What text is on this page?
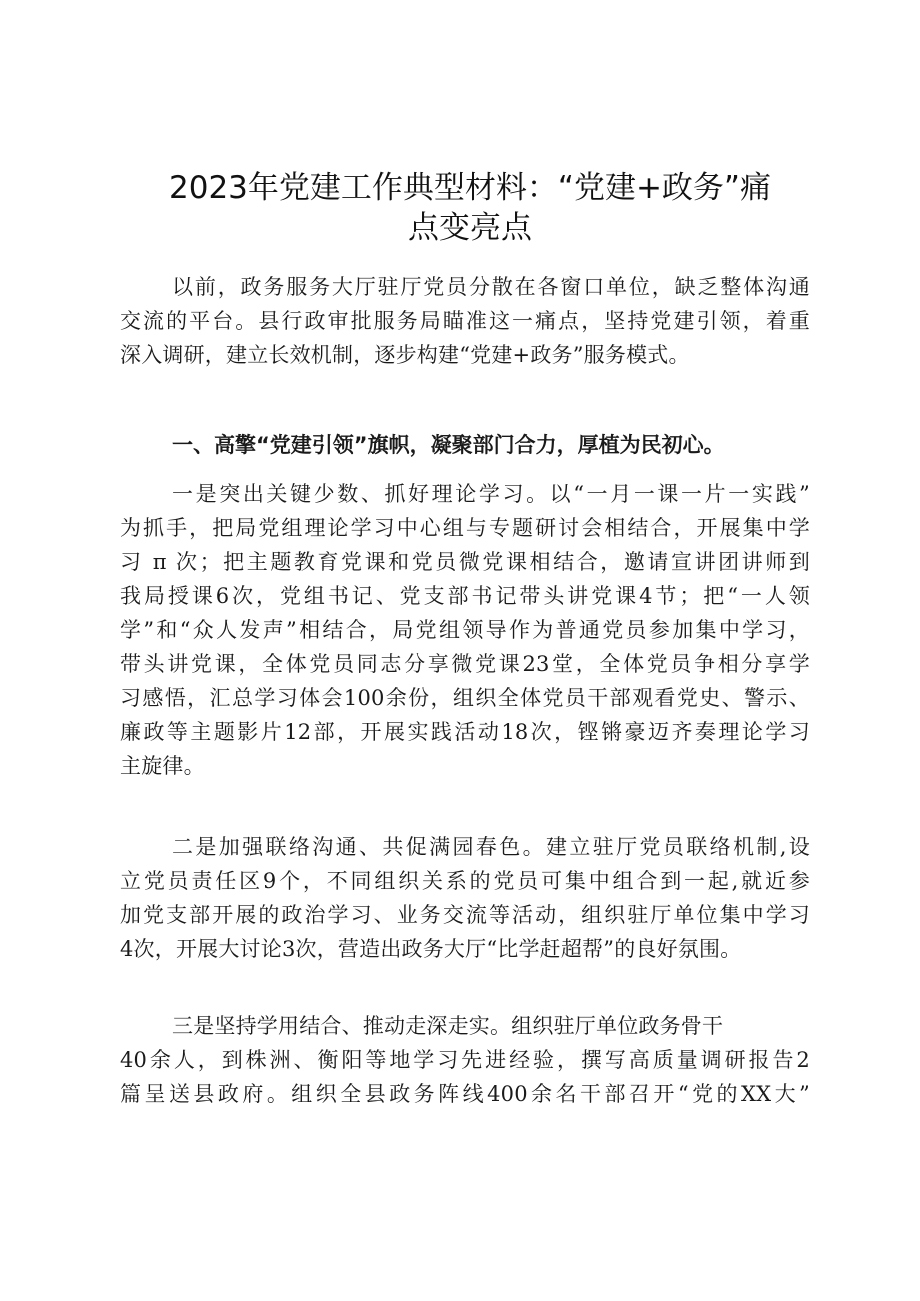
2023年党建工作典型材料：“党建+政务”痛
点变亮点
以前，政务服务大厅驻厅党员分散在各窗口单位，缺乏整体沟通
交流的平台。县行政审批服务局瞄准这一痛点，坚持党建引领，着重
深入调研，建立长效机制，逐步构建“党建+政务”服务模式。
一、高擎“党建引领”旗帜，凝聚部门合力，厚植为民初心。
一是突出关键少数、抓好理论学习。以“一月一课一片一实践”
为抓手，把局党组理论学习中心组与专题研讨会相结合，开展集中学
习 π 次；把主题教育党课和党员微党课相结合，邀请宣讲团讲师到
我局授课6次，党组书记、党支部书记带头讲党课4节；把“一人领
学”和“众人发声”相结合，局党组领导作为普通党员参加集中学习，
带头讲党课，全体党员同志分享微党课23堂，全体党员争相分享学
习感悟，汇总学习体会100余份，组织全体党员干部观看党史、警示、
廉政等主题影片12部，开展实践活动18次，铿锵豪迈齐奏理论学习
主旋律。
二是加强联络沟通、共促满园春色。建立驻厅党员联络机制,设
立党员责任区9个，不同组织关系的党员可集中组合到一起,就近参
加党支部开展的政治学习、业务交流等活动，组织驻厅单位集中学习
4次，开展大讨论3次，营造出政务大厅“比学赶超帮”的良好氛围。
三是坚持学用结合、推动走深走实。组织驻厅单位政务骨干
40余人，到株洲、衡阳等地学习先进经验，撰写高质量调研报告2
篇呈送县政府。组织全县政务阵线400余名干部召开“党的XX大”
